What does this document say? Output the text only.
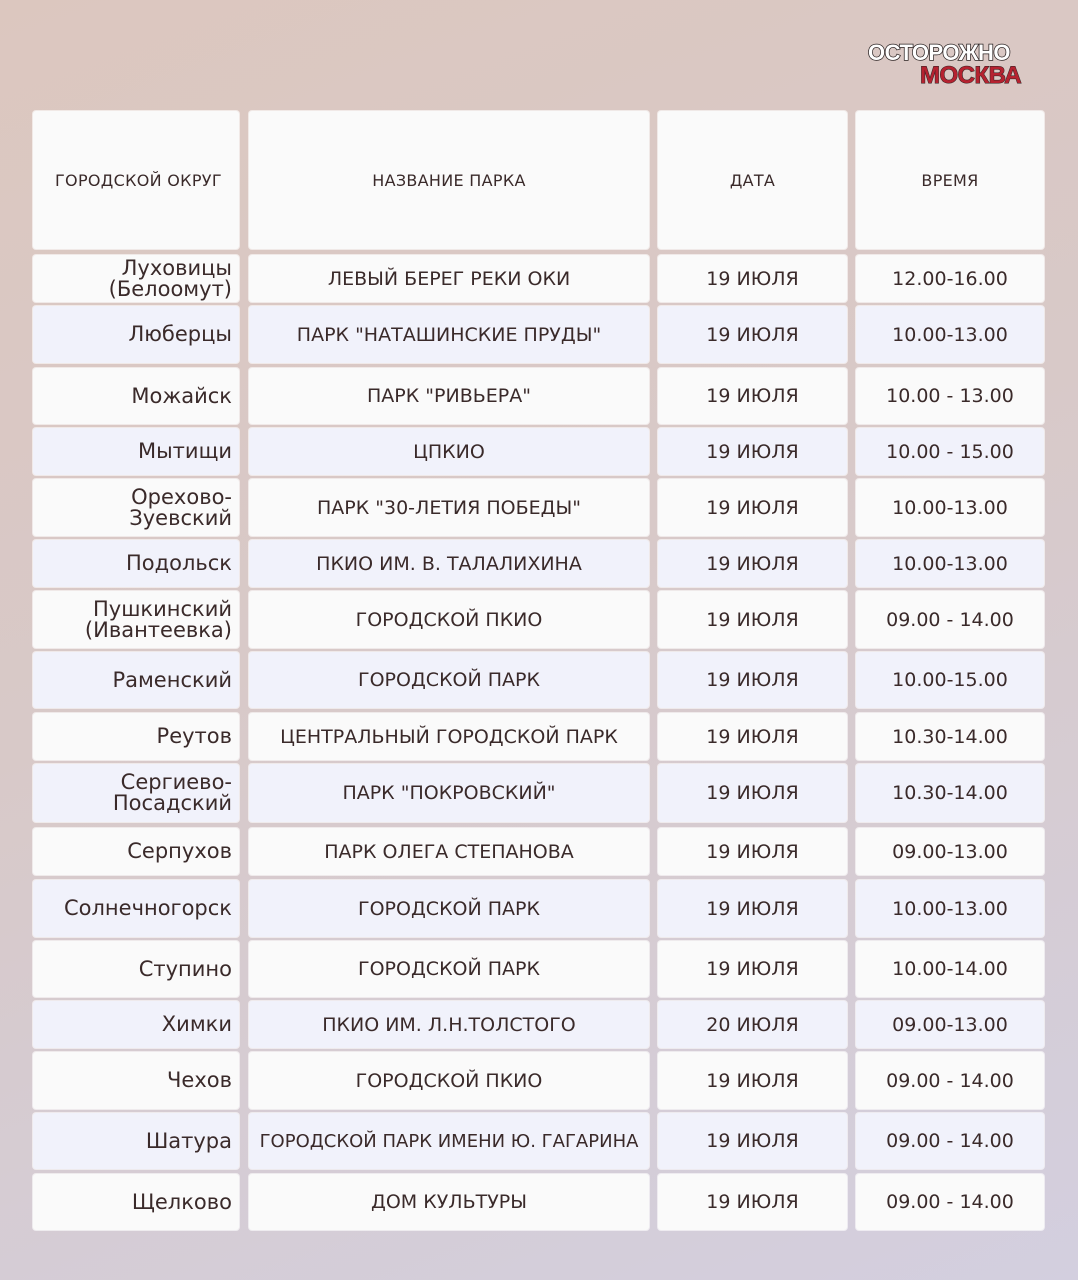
ОСТОРОЖНО
МОСКВА
ГОРОДСКОЙ ОКРУГ	НАЗВАНИЕ ПАРКА	ДАТА	ВРЕМЯ
Луховицы (Белоомут)	ЛЕВЫЙ БЕРЕГ РЕКИ ОКИ	19 ИЮЛЯ	12.00-16.00
Люберцы	ПАРК "НАТАШИНСКИЕ ПРУДЫ"	19 ИЮЛЯ	10.00-13.00
Можайск	ПАРК "РИВЬЕРА"	19 ИЮЛЯ	10.00 - 13.00
Мытищи	ЦПКИО	19 ИЮЛЯ	10.00 - 15.00
Орехово-Зуевский	ПАРК "30-ЛЕТИЯ ПОБЕДЫ"	19 ИЮЛЯ	10.00-13.00
Подольск	ПКИО ИМ. В. ТАЛАЛИХИНА	19 ИЮЛЯ	10.00-13.00
Пушкинский (Ивантеевка)	ГОРОДСКОЙ ПКИО	19 ИЮЛЯ	09.00 - 14.00
Раменский	ГОРОДСКОЙ ПАРК	19 ИЮЛЯ	10.00-15.00
Реутов	ЦЕНТРАЛЬНЫЙ ГОРОДСКОЙ ПАРК	19 ИЮЛЯ	10.30-14.00
Сергиево-Посадский	ПАРК "ПОКРОВСКИЙ"	19 ИЮЛЯ	10.30-14.00
Серпухов	ПАРК ОЛЕГА СТЕПАНОВА	19 ИЮЛЯ	09.00-13.00
Солнечногорск	ГОРОДСКОЙ ПАРК	19 ИЮЛЯ	10.00-13.00
Ступино	ГОРОДСКОЙ ПАРК	19 ИЮЛЯ	10.00-14.00
Химки	ПКИО ИМ. Л.Н.ТОЛСТОГО	20 ИЮЛЯ	09.00-13.00
Чехов	ГОРОДСКОЙ ПКИО	19 ИЮЛЯ	09.00 - 14.00
Шатура	ГОРОДСКОЙ ПАРК ИМЕНИ Ю. ГАГАРИНА	19 ИЮЛЯ	09.00 - 14.00
Щелково	ДОМ КУЛЬТУРЫ	19 ИЮЛЯ	09.00 - 14.00
